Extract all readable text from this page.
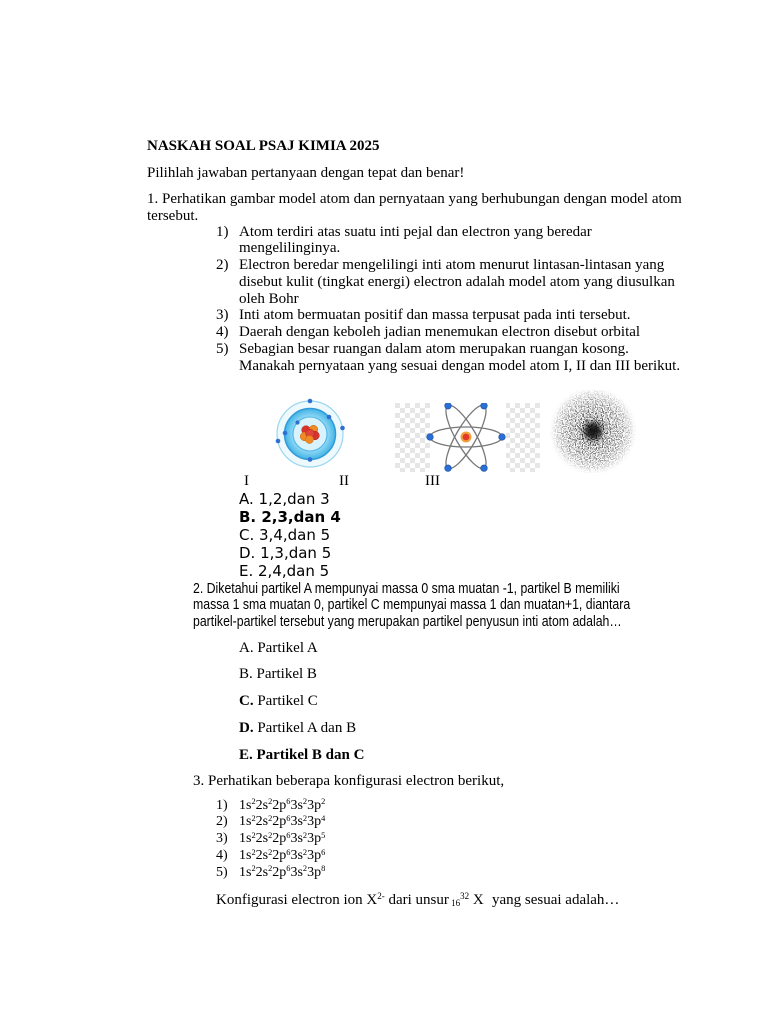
NASKAH SOAL PSAJ KIMIA 2025
Pilihlah jawaban pertanyaan dengan tepat dan benar!
1. Perhatikan gambar model atom dan pernyataan yang berhubungan dengan model atom
tersebut.
1) Atom terdiri atas suatu inti pejal dan electron yang beredar
mengelilinginya.
2) Electron beredar mengelilingi inti atom menurut lintasan-lintasan yang
disebut kulit (tingkat energi) electron adalah model atom yang diusulkan
oleh Bohr
3) Inti atom bermuatan positif dan massa terpusat pada inti tersebut.
4) Daerah dengan keboleh jadian menemukan electron disebut orbital
5) Sebagian besar ruangan dalam atom merupakan ruangan kosong.
Manakah pernyataan yang sesuai dengan model atom I, II dan III berikut.
I	II	III
A. 1,2,dan 3
B. 2,3,dan 4
C. 3,4,dan 5
D. 1,3,dan 5
E. 2,4,dan 5
2. Diketahui partikel A mempunyai massa 0 sma muatan -1, partikel B memiliki
massa 1 sma muatan 0, partikel C mempunyai massa 1 dan muatan+1, diantara
partikel-partikel tersebut yang merupakan partikel penyusun inti atom adalah…
A. Partikel A
B. Partikel B
C. Partikel C
D. Partikel A dan B
E. Partikel B dan C
3. Perhatikan beberapa konfigurasi electron berikut,
1) $1s^22s^22p^63s^23p^2$
2) $1s^22s^22p^63s^23p^4$
3) $1s^22s^22p^63s^23p^5$
4) $1s^22s^22p^63s^23p^6$
5) $1s^22s^22p^63s^23p^8$
Konfigurasi electron ion $X^{2-}$ dari unsur $_{16}^{32}$ X yang sesuai adalah…
